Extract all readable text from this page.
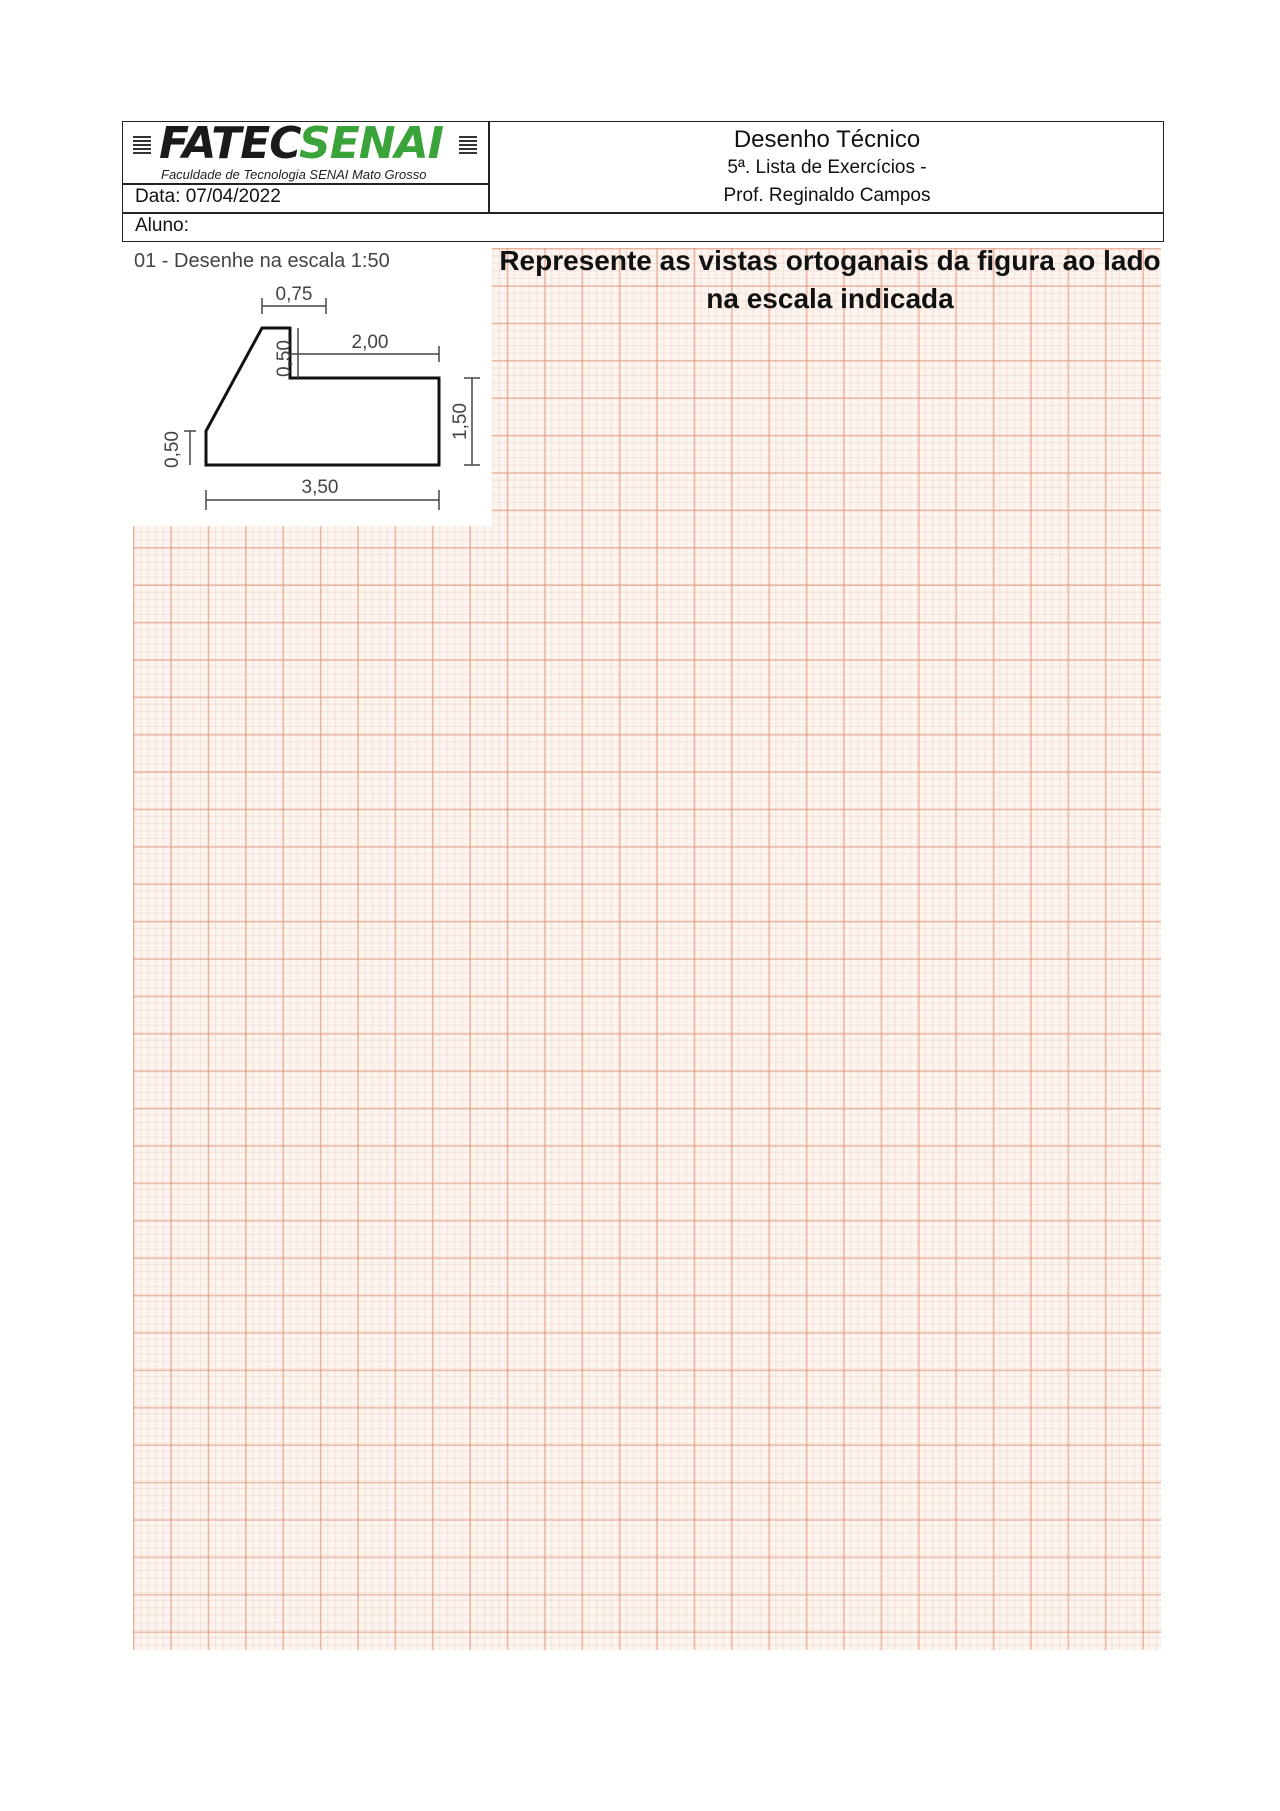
FATECSENAI
Faculdade de Tecnologia SENAI Mato Grosso
Data: 07/04/2022
Aluno:
Desenho Técnico
5ª. Lista de Exercícios -
Prof. Reginaldo Campos
01 - Desenhe na escala 1:50	Represente as vistas ortoganais da figura ao lado na escala indicada
0,75
0,50	2,00
1,50
0,50
3,50
